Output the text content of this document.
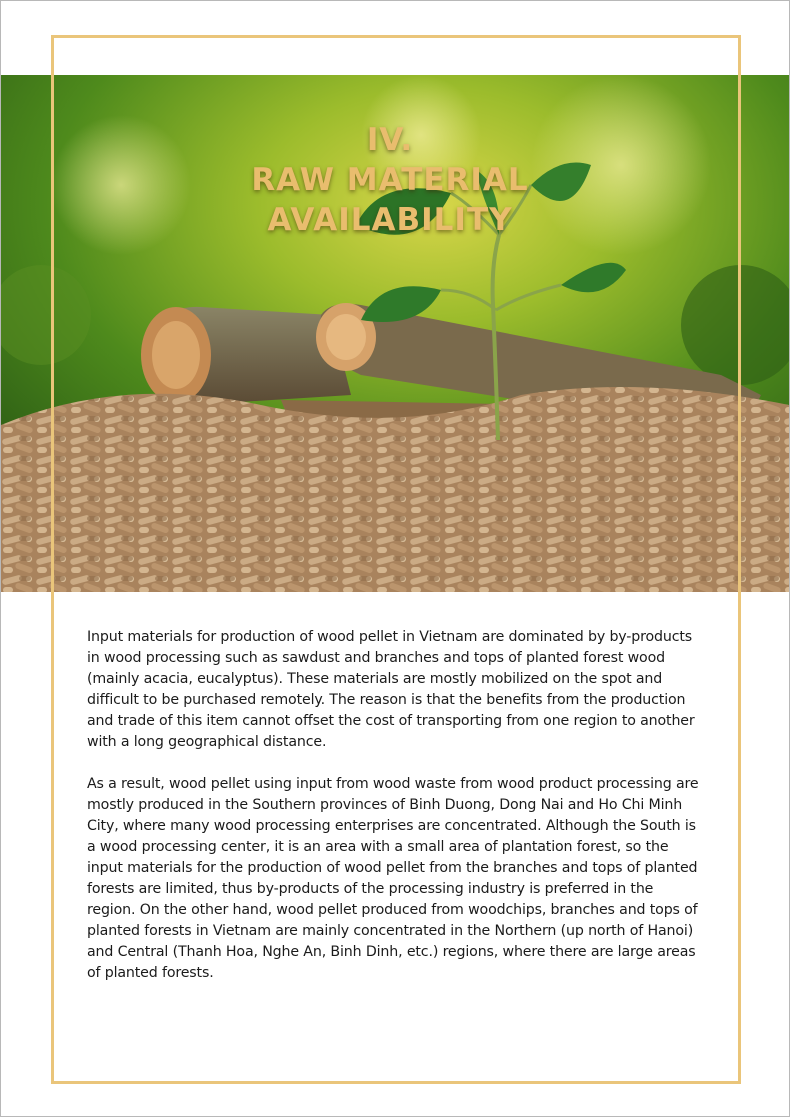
IV.
RAW MATERIAL
AVAILABILITY

Input materials for production of wood pellet in Vietnam are dominated by by-products in wood processing such as sawdust and branches and tops of planted forest wood (mainly acacia, eucalyptus). These materials are mostly mobilized on the spot and difficult to be purchased remotely. The reason is that the benefits from the production and trade of this item cannot offset the cost of transporting from one region to another with a long geographical distance.

As a result, wood pellet using input from wood waste from wood product processing are mostly produced in the Southern provinces of Binh Duong, Dong Nai and Ho Chi Minh City, where many wood processing enterprises are concentrated. Although the South is a wood processing center, it is an area with a small area of plantation forest, so the input materials for the production of wood pellet from the branches and tops of planted forests are limited, thus by-products of the processing industry is preferred in the region. On the other hand, wood pellet produced from woodchips, branches and tops of planted forests in Vietnam are mainly concentrated in the Northern (up north of Hanoi) and Central (Thanh Hoa, Nghe An, Binh Dinh, etc.) regions, where there are large areas of planted forests.
